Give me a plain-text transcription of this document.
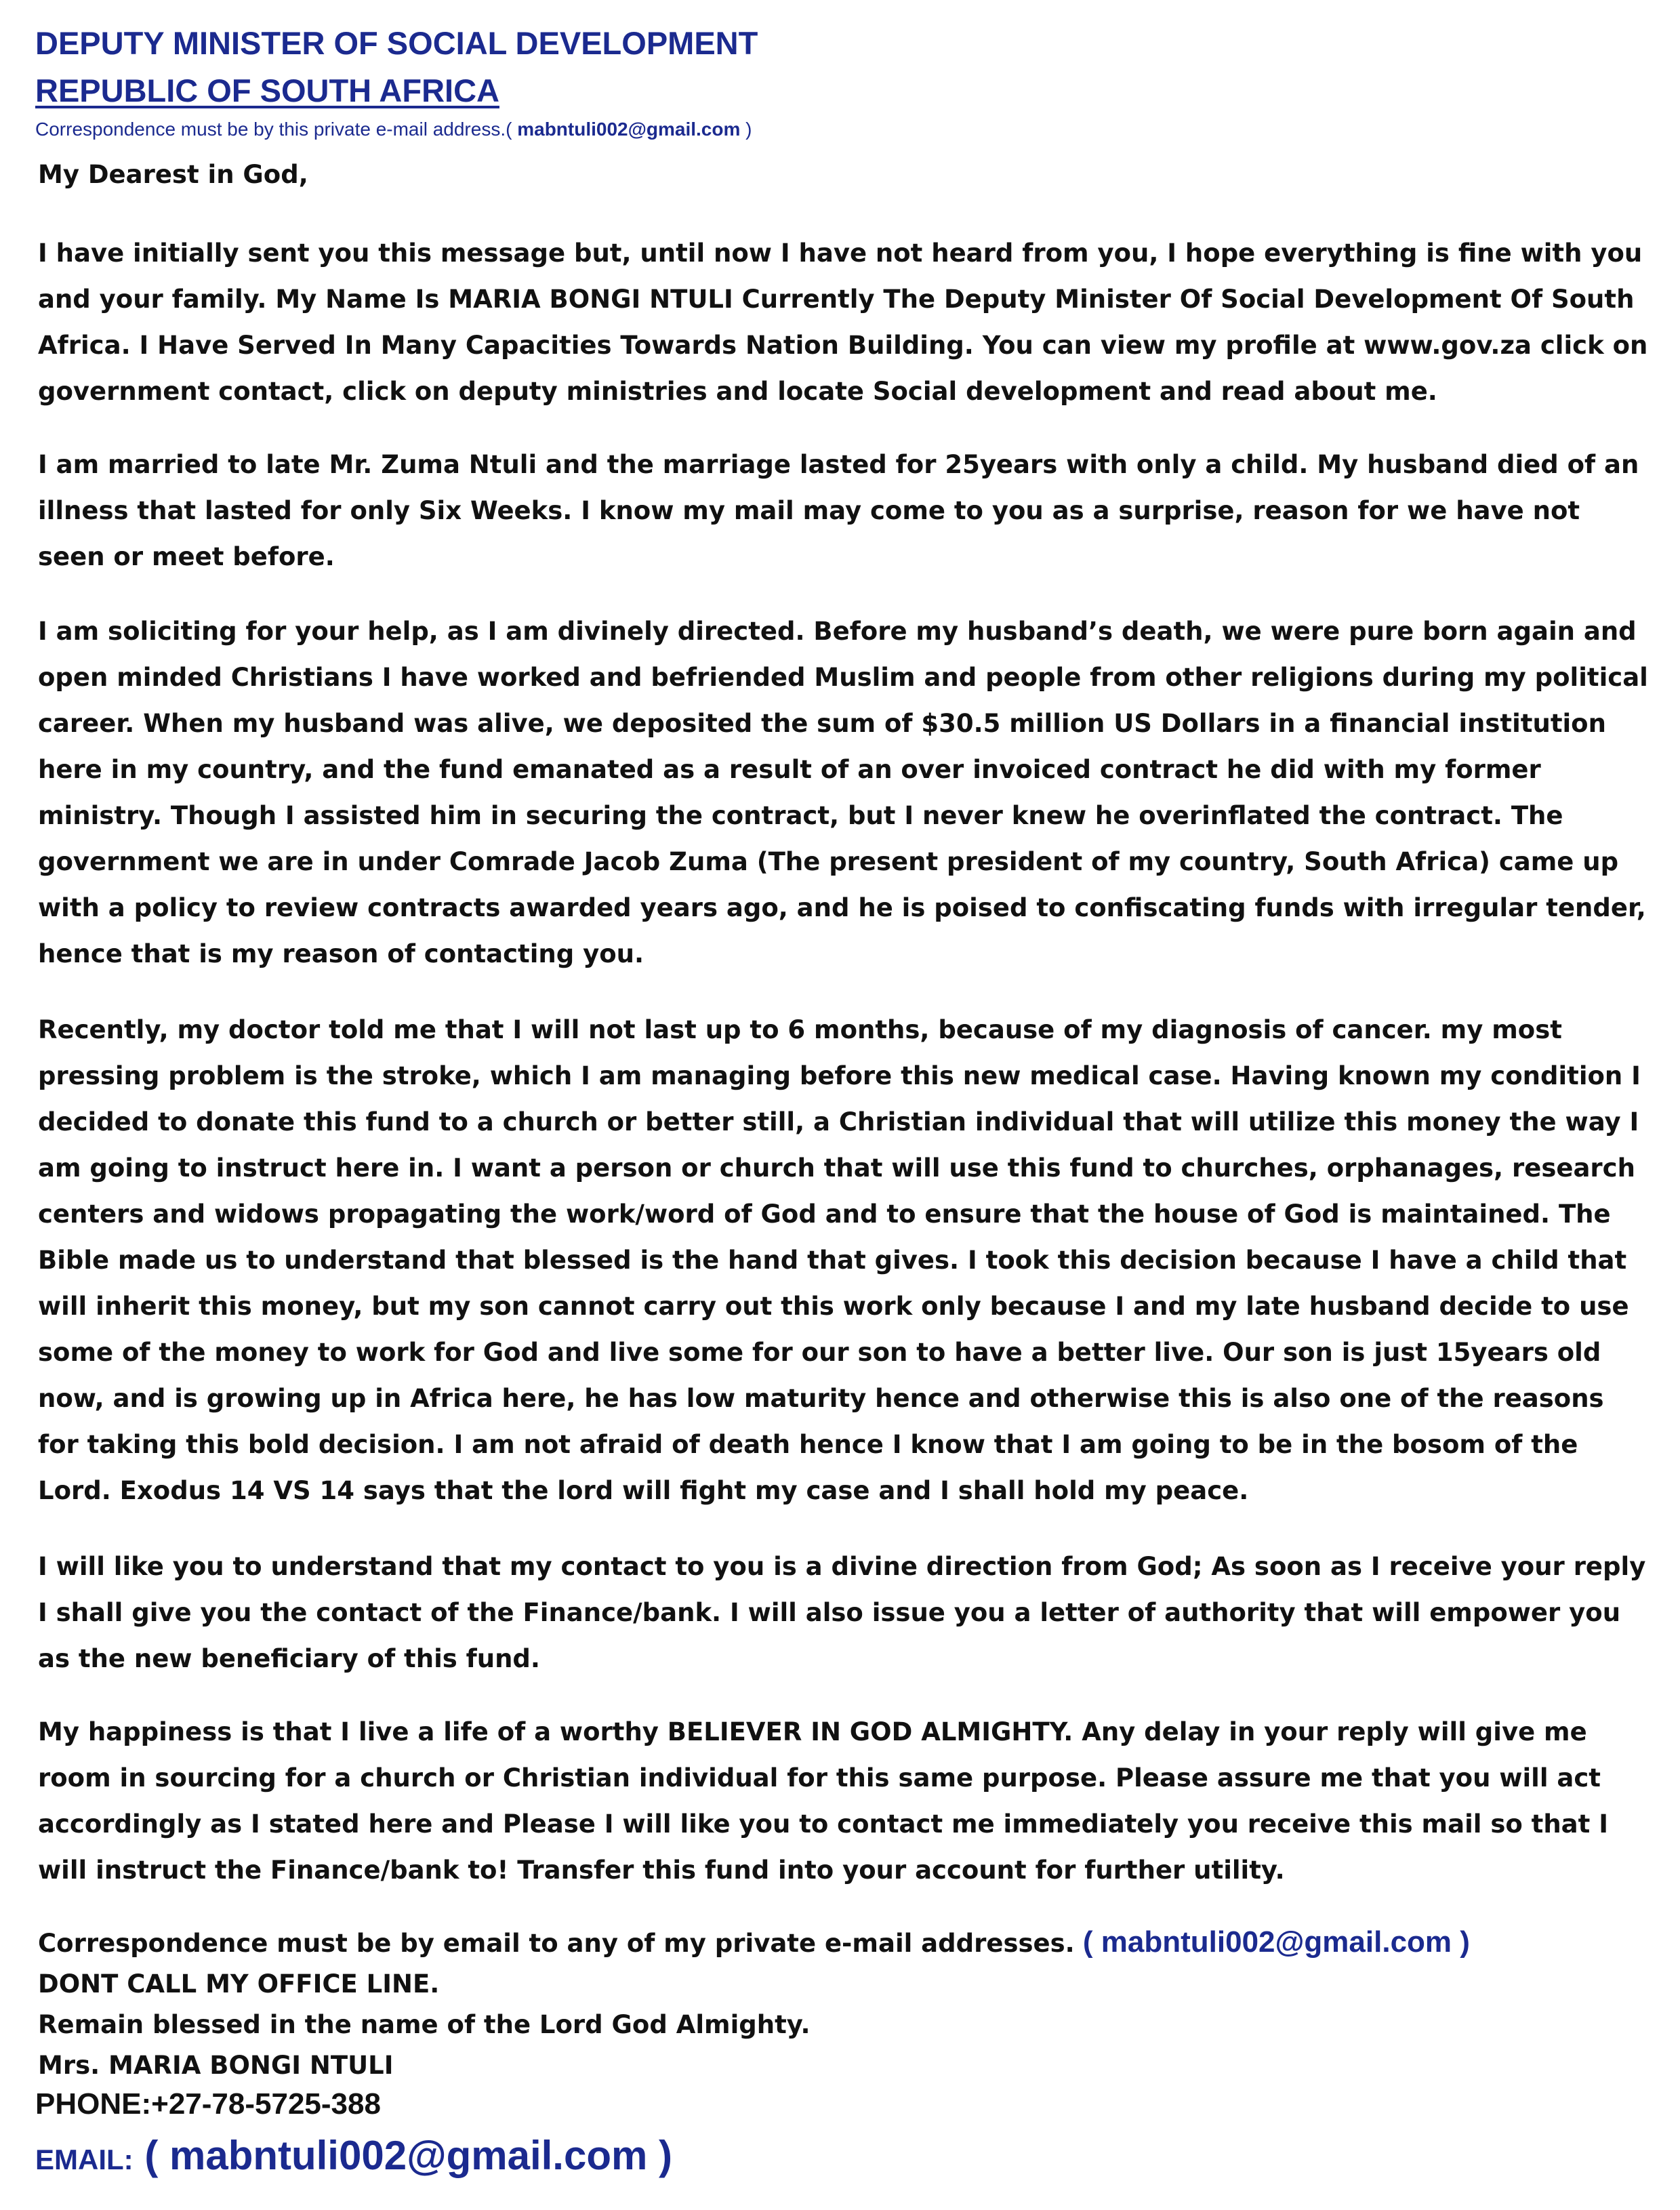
DEPUTY MINISTER OF SOCIAL DEVELOPMENT
REPUBLIC OF SOUTH AFRICA
Correspondence must be by this private e-mail address.( mabntuli002@gmail.com )
My Dearest in God,
I have initially sent you this message but, until now I have not heard from you, I hope everything is fine with you and your family. My Name Is MARIA BONGI NTULI Currently The Deputy Minister Of Social Development Of South Africa. I Have Served In Many Capacities Towards Nation Building. You can view my profile at www.gov.za click on government contact, click on deputy ministries and locate Social development and read about me.
I am married to late Mr. Zuma Ntuli and the marriage lasted for 25years with only a child. My husband died of an illness that lasted for only Six Weeks. I know my mail may come to you as a surprise, reason for we have not seen or meet before.
I am soliciting for your help, as I am divinely directed. Before my husband’s death, we were pure born again and open minded Christians I have worked and befriended Muslim and people from other religions during my political career. When my husband was alive, we deposited the sum of $30.5 million US Dollars in a financial institution here in my country, and the fund emanated as a result of an over invoiced contract he did with my former ministry. Though I assisted him in securing the contract, but I never knew he overinflated the contract. The government we are in under Comrade Jacob Zuma (The present president of my country, South Africa) came up with a policy to review contracts awarded years ago, and he is poised to confiscating funds with irregular tender, hence that is my reason of contacting you.
Recently, my doctor told me that I will not last up to 6 months, because of my diagnosis of cancer. my most pressing problem is the stroke, which I am managing before this new medical case. Having known my condition I decided to donate this fund to a church or better still, a Christian individual that will utilize this money the way I am going to instruct here in. I want a person or church that will use this fund to churches, orphanages, research centers and widows propagating the work/word of God and to ensure that the house of God is maintained. The Bible made us to understand that blessed is the hand that gives. I took this decision because I have a child that will inherit this money, but my son cannot carry out this work only because I and my late husband decide to use some of the money to work for God and live some for our son to have a better live. Our son is just 15years old now, and is growing up in Africa here, he has low maturity hence and otherwise this is also one of the reasons for taking this bold decision. I am not afraid of death hence I know that I am going to be in the bosom of the Lord. Exodus 14 VS 14 says that the lord will fight my case and I shall hold my peace.
I will like you to understand that my contact to you is a divine direction from God; As soon as I receive your reply I shall give you the contact of the Finance/bank. I will also issue you a letter of authority that will empower you as the new beneficiary of this fund.
My happiness is that I live a life of a worthy BELIEVER IN GOD ALMIGHTY. Any delay in your reply will give me room in sourcing for a church or Christian individual for this same purpose. Please assure me that you will act accordingly as I stated here and Please I will like you to contact me immediately you receive this mail so that I will instruct the Finance/bank to! Transfer this fund into your account for further utility.
Correspondence must be by email to any of my private e-mail addresses. ( mabntuli002@gmail.com )
DONT CALL MY OFFICE LINE.
Remain blessed in the name of the Lord God Almighty.
Mrs. MARIA BONGI NTULI
PHONE:+27-78-5725-388
EMAIL: ( mabntuli002@gmail.com )
